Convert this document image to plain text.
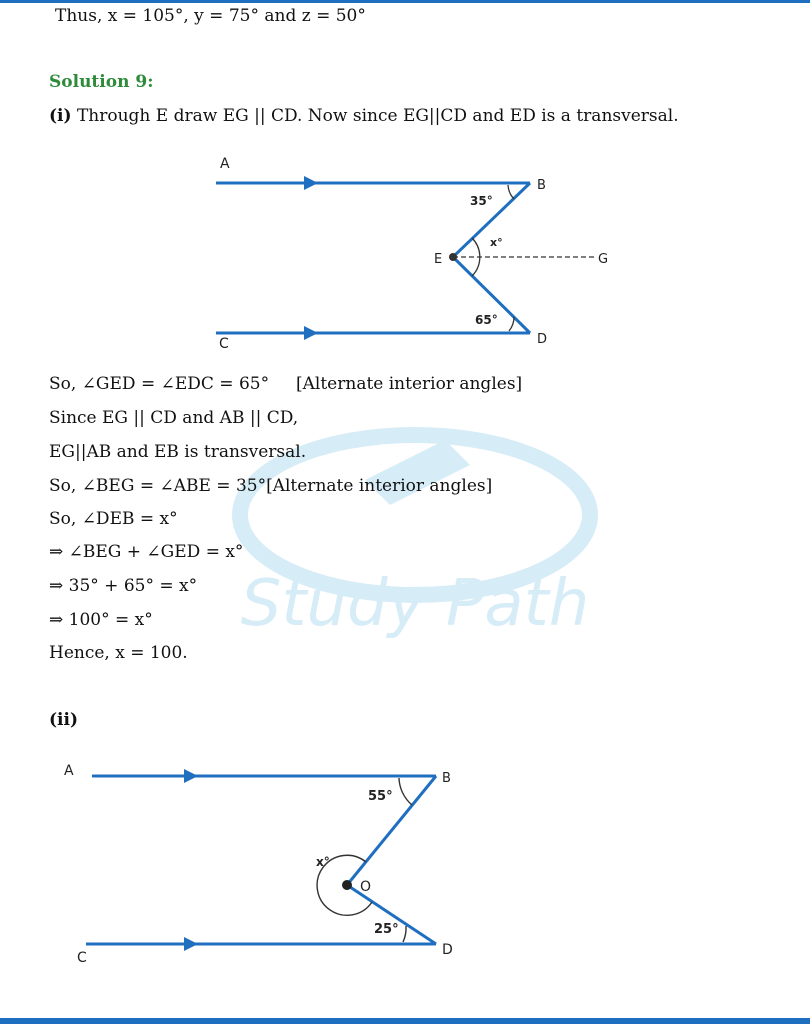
Study Path
Thus, x = 105°, y = 75° and z = 50°
Solution 9:
(i) Through E draw EG || CD. Now since EG||CD and ED is a transversal.
A
B
C	D
E	G
35°
x°
65°
So, ∠GED = ∠EDC = 65° [Alternate interior angles]
Since EG || CD and AB || CD,
EG||AB and EB is transversal.
So, ∠BEG = ∠ABE = 35°[Alternate interior angles]
So, ∠DEB = x°
⇒ ∠BEG + ∠GED = x°
⇒ 35° + 65° = x°
⇒ 100° = x°
Hence, x = 100.
(ii)
A	B
C	D
O
55°
x°
25°
